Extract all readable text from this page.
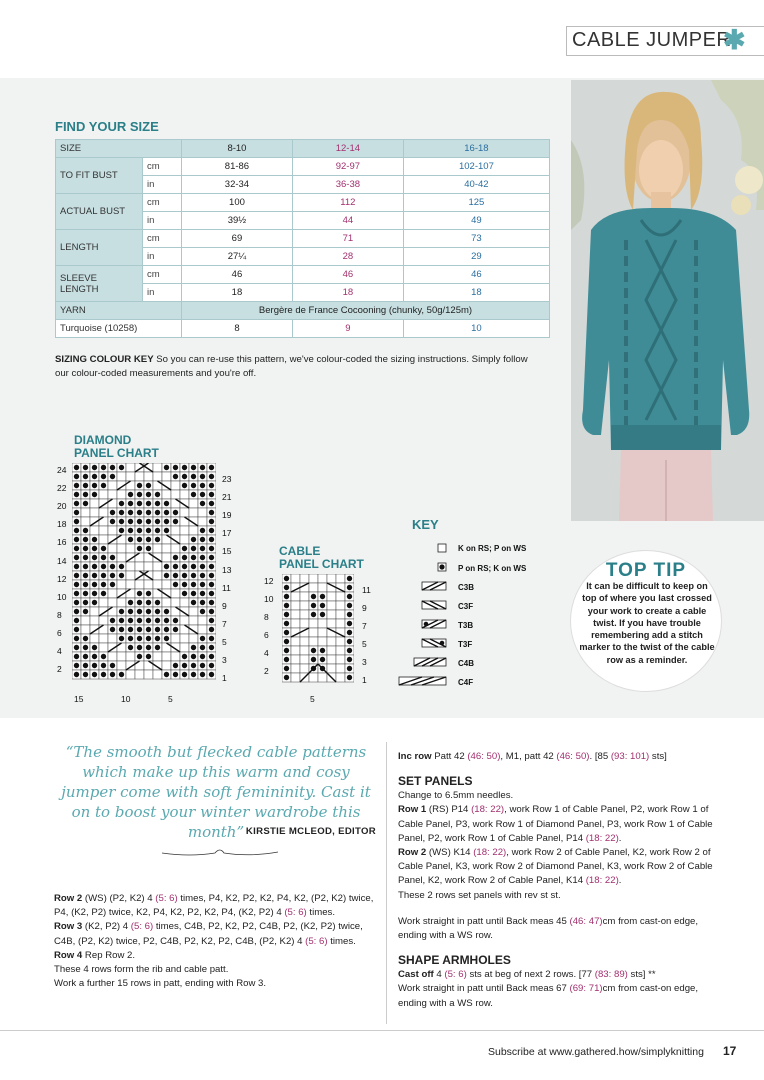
CABLE JUMPER
✱
FIND YOUR SIZE
SIZE		8-10	12-14	16-18
TO FIT BUST	cm	81-86	92-97	102-107
	in	32-34	36-38	40-42
ACTUAL BUST	cm	100	112	125
	in	39½	44	49
LENGTH	cm	69	71	73
	in	27¼	28	29
SLEEVE LENGTH	cm	46	46	46
	in	18	18	18
YARN		Bergère de France Cocooning (chunky, 50g/125m)		
Turquoise (10258)		8	9	10
SIZING COLOUR KEY So you can re-use this pattern, we've colour-coded the sizing instructions. Simply follow our colour-coded measurements and you're off.
DIAMOND
PANEL CHART
24
22
20
18
16
14
12
10
8
6
4
2
23
21
19
17
15
13
11
9
7
5
3
1
15	10	5
CABLE
PANEL CHART
12
10
8
6
4
2
11
9
7
5
3
1
5
KEY
K on RS; P on WS
P on RS; K on WS
C3B
C3F
T3B
T3F
C4B
C4F
TOP TIP
It can be difficult to keep on top of where you last crossed your work to create a cable twist. If you have trouble remembering add a stitch marker to the twist of the cable row as a reminder.
“The smooth but flecked cable patterns which make up this warm and cosy jumper come with soft femininity. Cast it on to boost your winter wardrobe this month” KIRSTIE MCLEOD, EDITOR

Row 2 (WS) (P2, K2) 4 (5: 6) times, P4, K2, P2, K2, P4, K2, (P2, K2) twice, P4, (K2, P2) twice, K2, P4, K2, P2, K2, P4, (K2, P2) 4 (5: 6) times.

Row 3 (K2, P2) 4 (5: 6) times, C4B, P2, K2, P2, C4B, P2, (K2, P2) twice, C4B, (P2, K2) twice, P2, C4B, P2, K2, P2, C4B, (P2, K2) 4 (5: 6) times.

Row 4 Rep Row 2.

These 4 rows form the rib and cable patt.

Work a further 15 rows in patt, ending with Row 3.

Inc row Patt 42 (46: 50), M1, patt 42 (46: 50). [85 (93: 101) sts]

SET PANELS

Change to 6.5mm needles.

Row 1 (RS) P14 (18: 22), work Row 1 of Cable Panel, P2, work Row 1 of Cable Panel, P3, work Row 1 of Diamond Panel, P3, work Row 1 of Cable Panel, P2, work Row 1 of Cable Panel, P14 (18: 22).

Row 2 (WS) K14 (18: 22), work Row 2 of Cable Panel, K2, work Row 2 of Cable Panel, K3, work Row 2 of Diamond Panel, K3, work Row 2 of Cable Panel, K2, work Row 2 of Cable Panel, K14 (18: 22).

These 2 rows set panels with rev st st.

Work straight in patt until Back meas 45 (46: 47)cm from cast-on edge, ending with a WS row.

SHAPE ARMHOLES

Cast off 4 (5: 6) sts at beg of next 2 rows. [77 (83: 89) sts] **

Work straight in patt until Back meas 67 (69: 71)cm from cast-on edge, ending with a WS row.

Subscribe at www.gathered.how/simplyknitting 17
